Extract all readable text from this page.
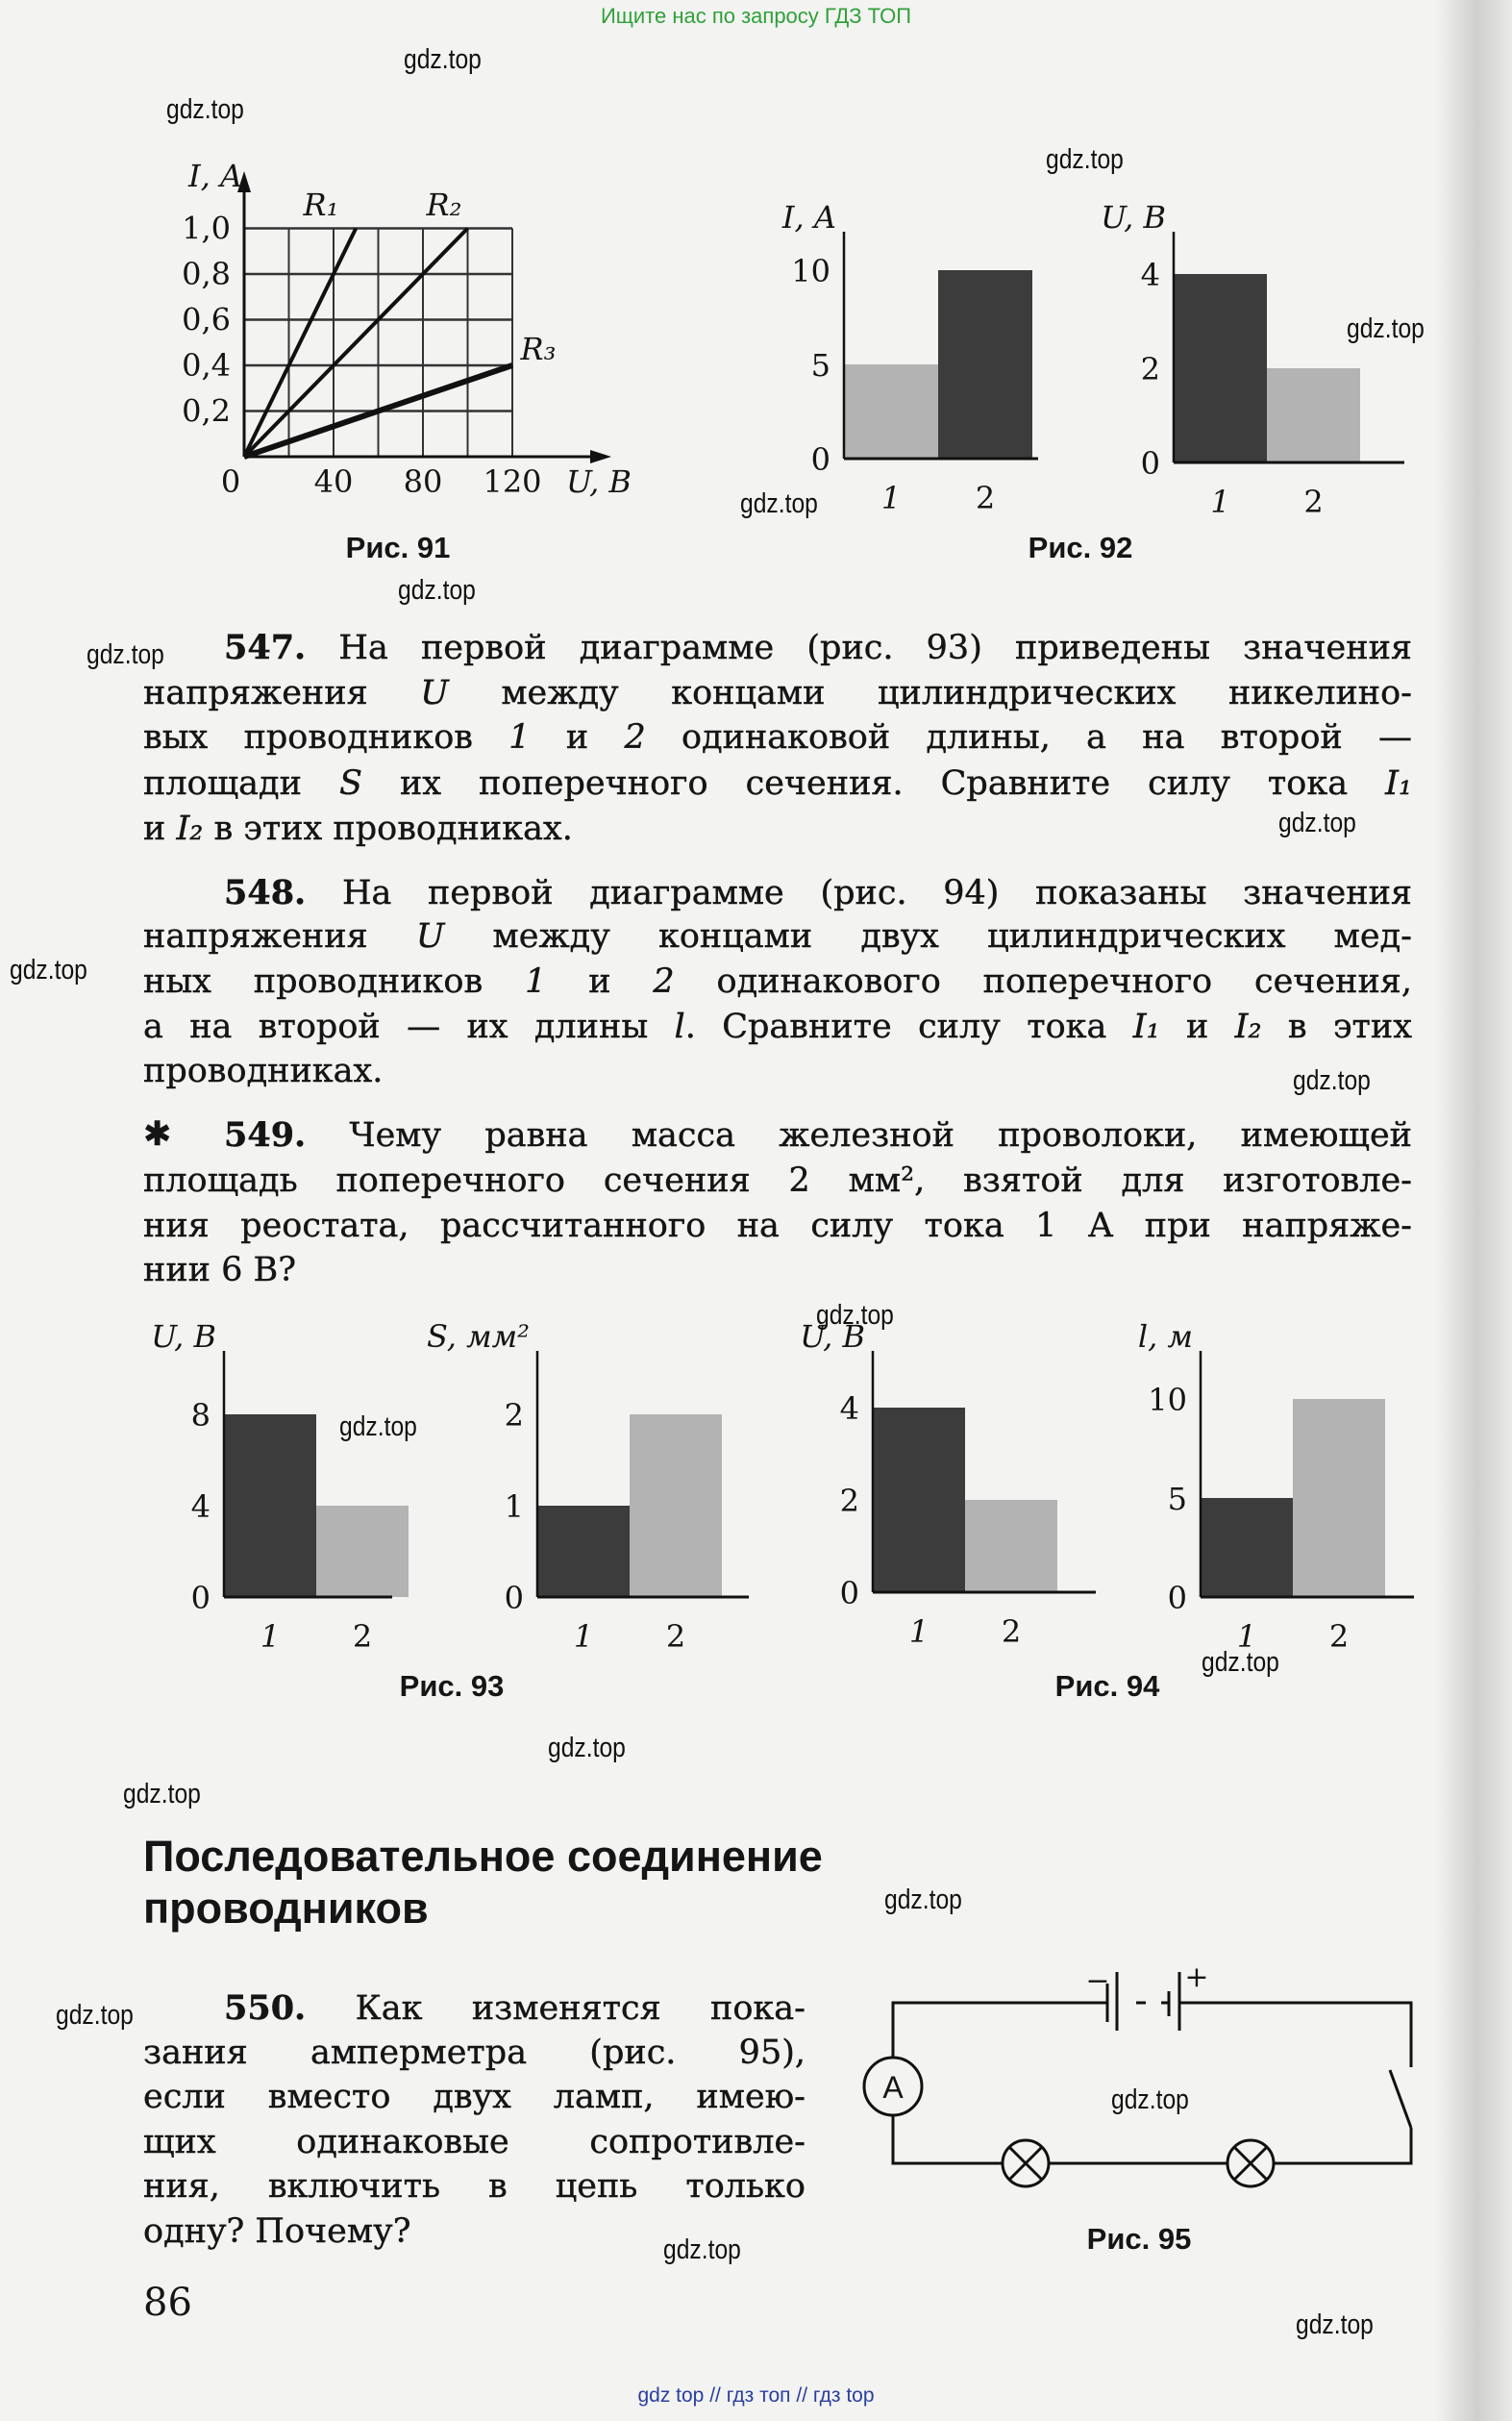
Ищите нас по запросу ГДЗ ТОП
gdz top // гдз топ // гдз top
I, A
U, B
0,2
0,4
0,6
0,8
1,0
0 40 80 120
R₁	R₂
R₃
1 2
0
5
10
I, A
1 2
0
2
4
U, B
1 2
0
4
8
U, B
1 2
0
1
2
S, мм²
1 2
0
2
4
U, B
1 2
0
5
10
l, м
−	+
A
547. На первой диаграмме (рис. 93) приведены значения
напряжения U между концами цилиндрических никелино-
вых проводников 1 и 2 одинаковой длины, а на второй —
площади S их поперечного сечения. Сравните силу тока I₁
и I₂ в этих проводниках.
548. На первой диаграмме (рис. 94) показаны значения
напряжения U между концами двух цилиндрических мед-
ных проводников 1 и 2 одинакового поперечного сечения,
а на второй — их длины l. Сравните силу тока I₁ и I₂ в этих
проводниках.
✱ 549. Чему равна масса железной проволоки, имеющей
площадь поперечного сечения 2 мм², взятой для изготовле-
ния реостата, рассчитанного на силу тока 1 А при напряже-
нии 6 В?
550. Как изменятся пока-
зания амперметра (рис. 95),
если вместо двух ламп, имею-
щих одинаковые сопротивле-
ния, включить в цепь только
одну? Почему?
Последовательное соединение
проводников
86
Рис. 91	Рис. 92
Рис. 93	Рис. 94
Рис. 95
gdz.top
gdz.top
gdz.top
gdz.top
gdz.top
gdz.top
gdz.top
gdz.top
gdz.top
gdz.top
gdz.top
gdz.top
gdz.top
gdz.top
gdz.top
gdz.top
gdz.top
gdz.top
gdz.top
gdz.top
